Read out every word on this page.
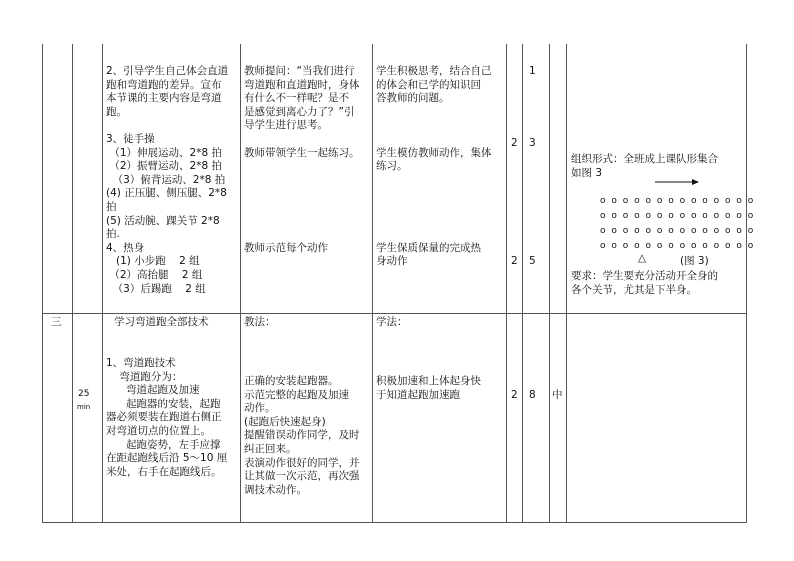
2、引导学生自己体会直道
跑和弯道跑的差异。宣布
本节课的主要内容是弯道
跑。

3、徒手操
（1）伸展运动、2*8 拍
（2）振臂运动、2*8 拍
（3）俯背运动、2*8 拍
(4) 正压腿、侧压腿、2*8
拍
(5) 活动腕、踝关节 2*8
拍.
4、热身
(1) 小步跑    2 组
（2）高抬腿    2 组
（3）后踢跑    2 组
教师提问：“当我们进行
弯道跑和直道跑时，身体
有什么不一样呢？是不
是感觉到离心力了？”引
导学生进行思考。

教师带领学生一起练习。

教师示范每个动作
学生积极思考，结合自己
的体会和已学的知识回
答教师的问题。

学生模仿教师动作，集体
练习。

学生保质保量的完成热
身动作
2
2
1
3
5
组织形式：全班成上课队形集合
如图 3
o o o o o o o o o o o o o o
o o o o o o o o o o o o o o
o o o o o o o o o o o o o o
o o o o o o o o o o o o o o
△	(图 3)
要求：学生要充分活动开全身的
各个关节，尤其是下半身。
三
25
min
学习弯道跑全部技术
1、弯道跑技术
弯道跑分为：
弯道起跑及加速
起跑器的安装，起跑
器必须要装在跑道右侧正
对弯道切点的位置上。
起跑姿势，左手应撑
在距起跑线后沿 5～10 厘
米处，右手在起跑线后。
教法：
正确的安装起跑器。
示范完整的起跑及加速
动作。
(起跑后快速起身)
提醒错误动作同学，及时
纠正回来。
表演动作很好的同学，并
让其做一次示范，再次强
调技术动作。
学法：
积极加速和上体起身快
于知道起跑加速跑	2 8 中
